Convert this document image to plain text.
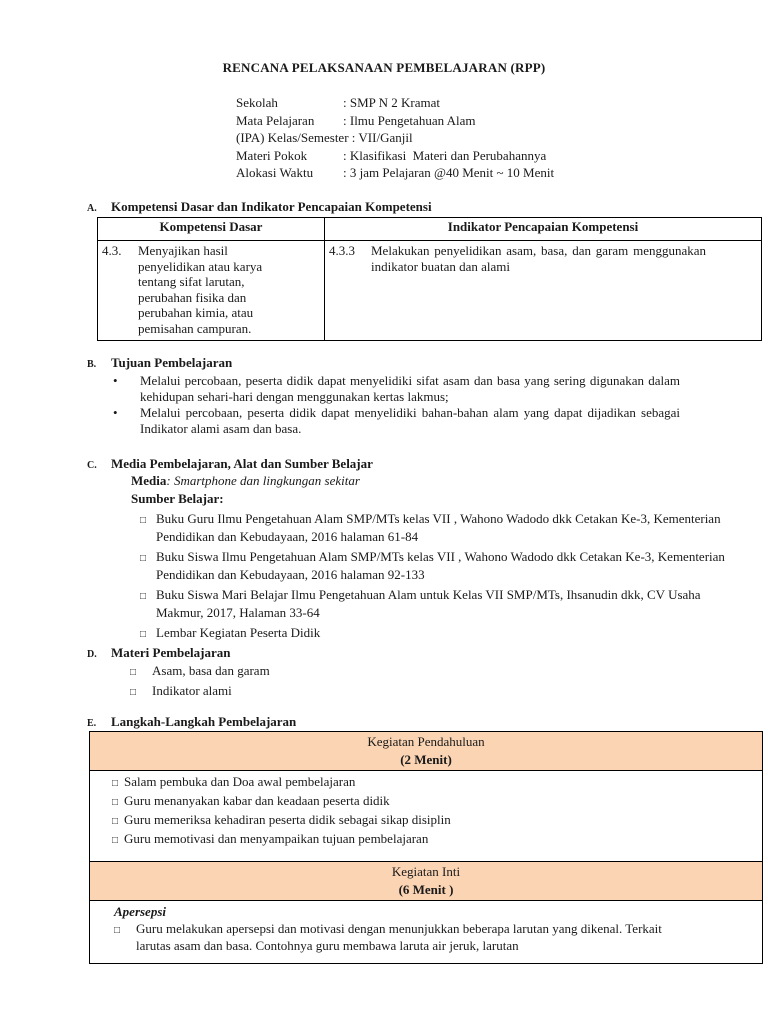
RENCANA PELAKSANAAN PEMBELAJARAN (RPP)
Sekolah	: SMP N 2 Kramat
Mata Pelajaran : Ilmu Pengetahuan Alam
(IPA) Kelas/Semester : VII/Ganjil
Materi Pokok	: Klasifikasi  Materi dan Perubahannya
Alokasi Waktu : 3 jam Pelajaran @40 Menit ~ 10 Menit
A. Kompetensi Dasar dan Indikator Pencapaian Kompetensi
Kompetensi Dasar	Indikator Pencapaian Kompetensi

4.3. Menyajikan hasil penyelidikan atau karya tentang sifat larutan, perubahan fisika dan perubahan kimia, atau pemisahan campuran.	4.3.3 Melakukan penyelidikan asam, basa, dan garam menggunakan indikator buatan dan alami
B. Tujuan Pembelajaran
•	Melalui percobaan, peserta didik dapat menyelidiki sifat asam dan basa yang sering digunakan dalam kehidupan sehari-hari dengan menggunakan kertas lakmus;
•	Melalui percobaan, peserta didik dapat menyelidiki bahan-bahan alam yang dapat dijadikan sebagai Indikator alami asam dan basa.
C. Media Pembelajaran, Alat dan Sumber Belajar
Media: Smartphone dan lingkungan sekitar
Sumber Belajar:
□ Buku Guru Ilmu Pengetahuan Alam SMP/MTs kelas VII , Wahono Wadodo dkk Cetakan Ke-3, Kementerian Pendidikan dan Kebudayaan, 2016 halaman 61-84
□ Buku Siswa Ilmu Pengetahuan Alam SMP/MTs kelas VII , Wahono Wadodo dkk Cetakan Ke-3, Kementerian Pendidikan dan Kebudayaan, 2016 halaman 92-133
□ Buku Siswa Mari Belajar Ilmu Pengetahuan Alam untuk Kelas VII SMP/MTs, Ihsanudin dkk, CV Usaha Makmur, 2017, Halaman 33-64
□ Lembar Kegiatan Peserta Didik
D. Materi Pembelajaran
□	Asam, basa dan garam
□	Indikator alami
E. Langkah-Langkah Pembelajaran
Kegiatan Pendahuluan
(2 Menit)

□ Salam pembuka dan Doa awal pembelajaran
□ Guru menanyakan kabar dan keadaan peserta didik
□ Guru memeriksa kehadiran peserta didik sebagai sikap disiplin
□ Guru memotivasi dan menyampaikan tujuan pembelajaran

Kegiatan Inti
(6 Menit )

Apersepsi
□	Guru melakukan apersepsi dan motivasi dengan menunjukkan beberapa larutan yang dikenal. Terkait larutas asam dan basa. Contohnya guru membawa laruta air jeruk, larutan
